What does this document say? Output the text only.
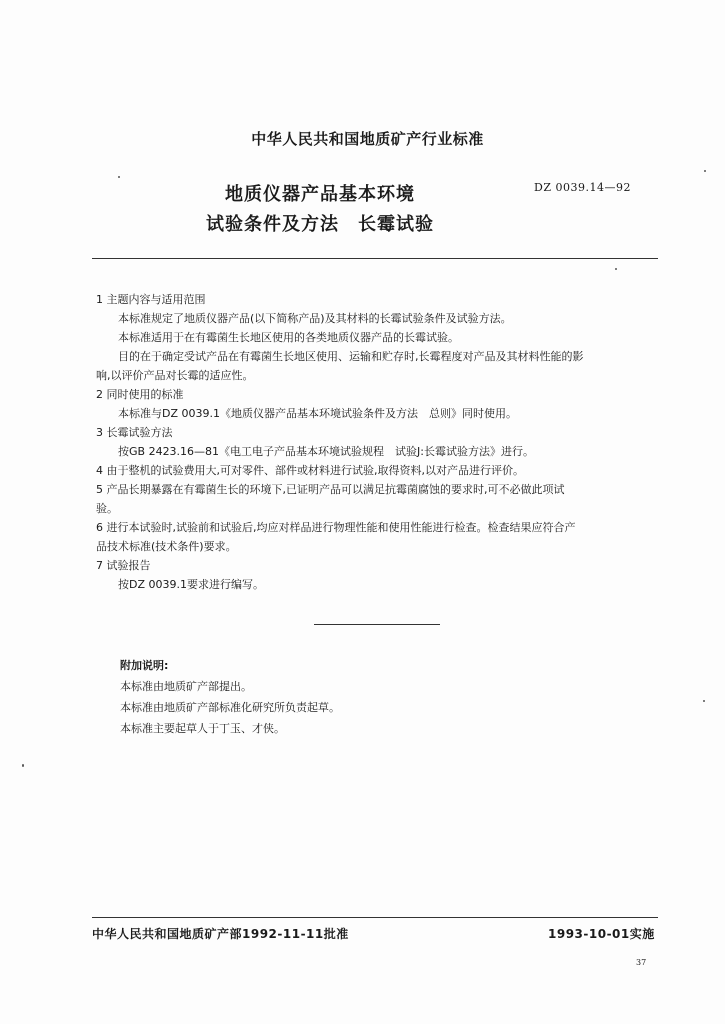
中华人民共和国地质矿产行业标准
地质仪器产品基本环境
试验条件及方法　长霉试验
DZ 0039.14—92
1 主题内容与适用范围
本标准规定了地质仪器产品(以下简称产品)及其材料的长霉试验条件及试验方法。
本标准适用于在有霉菌生长地区使用的各类地质仪器产品的长霉试验。
目的在于确定受试产品在有霉菌生长地区使用、运输和贮存时,长霉程度对产品及其材料性能的影
响,以评价产品对长霉的适应性。
2 同时使用的标准
本标准与DZ 0039.1《地质仪器产品基本环境试验条件及方法　总则》同时使用。
3 长霉试验方法
按GB 2423.16—81《电工电子产品基本环境试验规程　试验J:长霉试验方法》进行。
4 由于整机的试验费用大,可对零件、部件或材料进行试验,取得资料,以对产品进行评价。
5 产品长期暴露在有霉菌生长的环境下,已证明产品可以满足抗霉菌腐蚀的要求时,可不必做此项试
验。
6 进行本试验时,试验前和试验后,均应对样品进行物理性能和使用性能进行检查。检查结果应符合产
品技术标准(技术条件)要求。
7 试验报告
按DZ 0039.1要求进行编写。
附加说明:
本标准由地质矿产部提出。
本标准由地质矿产部标准化研究所负责起草。
本标准主要起草人于丁玉、才侠。
中华人民共和国地质矿产部1992-11-11批准	1993-10-01实施
37
